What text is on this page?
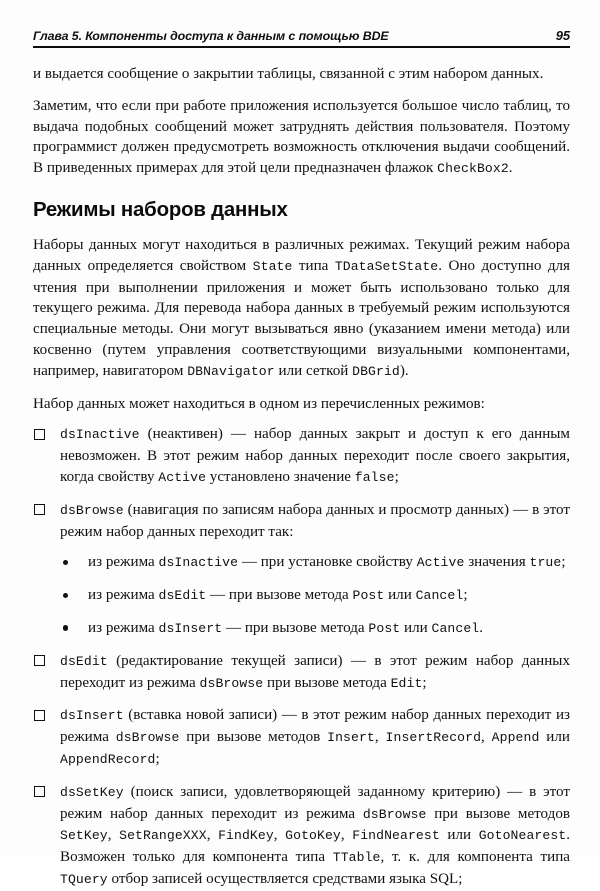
Глава 5. Компоненты доступа к данным с помощью BDE	95

и выдается сообщение о закрытии таблицы, связанной с этим набором данных.

Заметим, что если при работе приложения используется большое число таблиц, то выдача подобных сообщений может затруднять действия пользователя. Поэтому программист должен предусмотреть возможность отключения выдачи сообщений. В приведенных примерах для этой цели предназначен флажок CheckBox2.

Режимы наборов данных

Наборы данных могут находиться в различных режимах. Текущий режим набора данных определяется свойством State типа TDataSetState. Оно доступно для чтения при выполнении приложения и может быть использовано только для текущего режима. Для перевода набора данных в требуемый режим используются специальные методы. Они могут вызываться явно (указанием имени метода) или косвенно (путем управления соответствующими визуальными компонентами, например, навигатором DBNavigator или сеткой DBGrid).

Набор данных может находиться в одном из перечисленных режимов:

dsInactive (неактивен) — набор данных закрыт и доступ к его данным невозможен. В этот режим набор данных переходит после своего закрытия, когда свойству Active установлено значение false;
dsBrowse (навигация по записям набора данных и просмотр данных) — в этот режим набор данных переходит так:
из режима dsInactive — при установке свойству Active значения true;
из режима dsEdit — при вызове метода Post или Cancel;
из режима dsInsert — при вызове метода Post или Cancel.
dsEdit (редактирование текущей записи) — в этот режим набор данных переходит из режима dsBrowse при вызове метода Edit;
dsInsert (вставка новой записи) — в этот режим набор данных переходит из режима dsBrowse при вызове методов Insert, InsertRecord, Append или AppendRecord;
dsSetKey (поиск записи, удовлетворяющей заданному критерию) — в этот режим набор данных переходит из режима dsBrowse при вызове методов SetKey, SetRangeXXX, FindKey, GotoKey, FindNearest или GotoNearest. Возможен только для компонента типа TTable, т. к. для компонента типа TQuery отбор записей осуществляется средствами языка SQL;
